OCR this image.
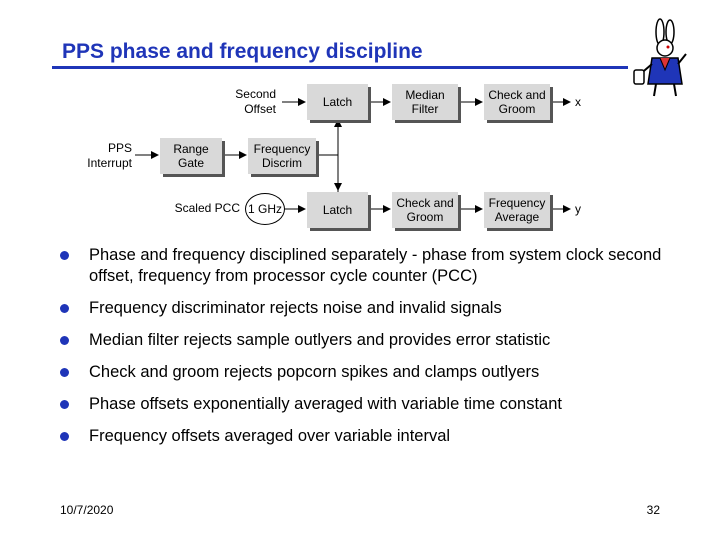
PPS phase and frequency discipline
Second
Offset
PPS
Interrupt
Scaled PCC 1 GHz
Range
Gate
Frequency
Discrim
Latch
Latch
Median
Filter
Check and
Groom
Check and
Groom
Frequency
Average
x
y
Phase and frequency disciplined separately - phase from system clock second offset, frequency from processor cycle counter (PCC)
Frequency discriminator rejects noise and invalid signals
Median filter rejects sample outlyers and provides error statistic
Check and groom rejects popcorn spikes and clamps outlyers
Phase offsets exponentially averaged with variable time constant
Frequency offsets averaged over variable interval
10/7/2020	32
